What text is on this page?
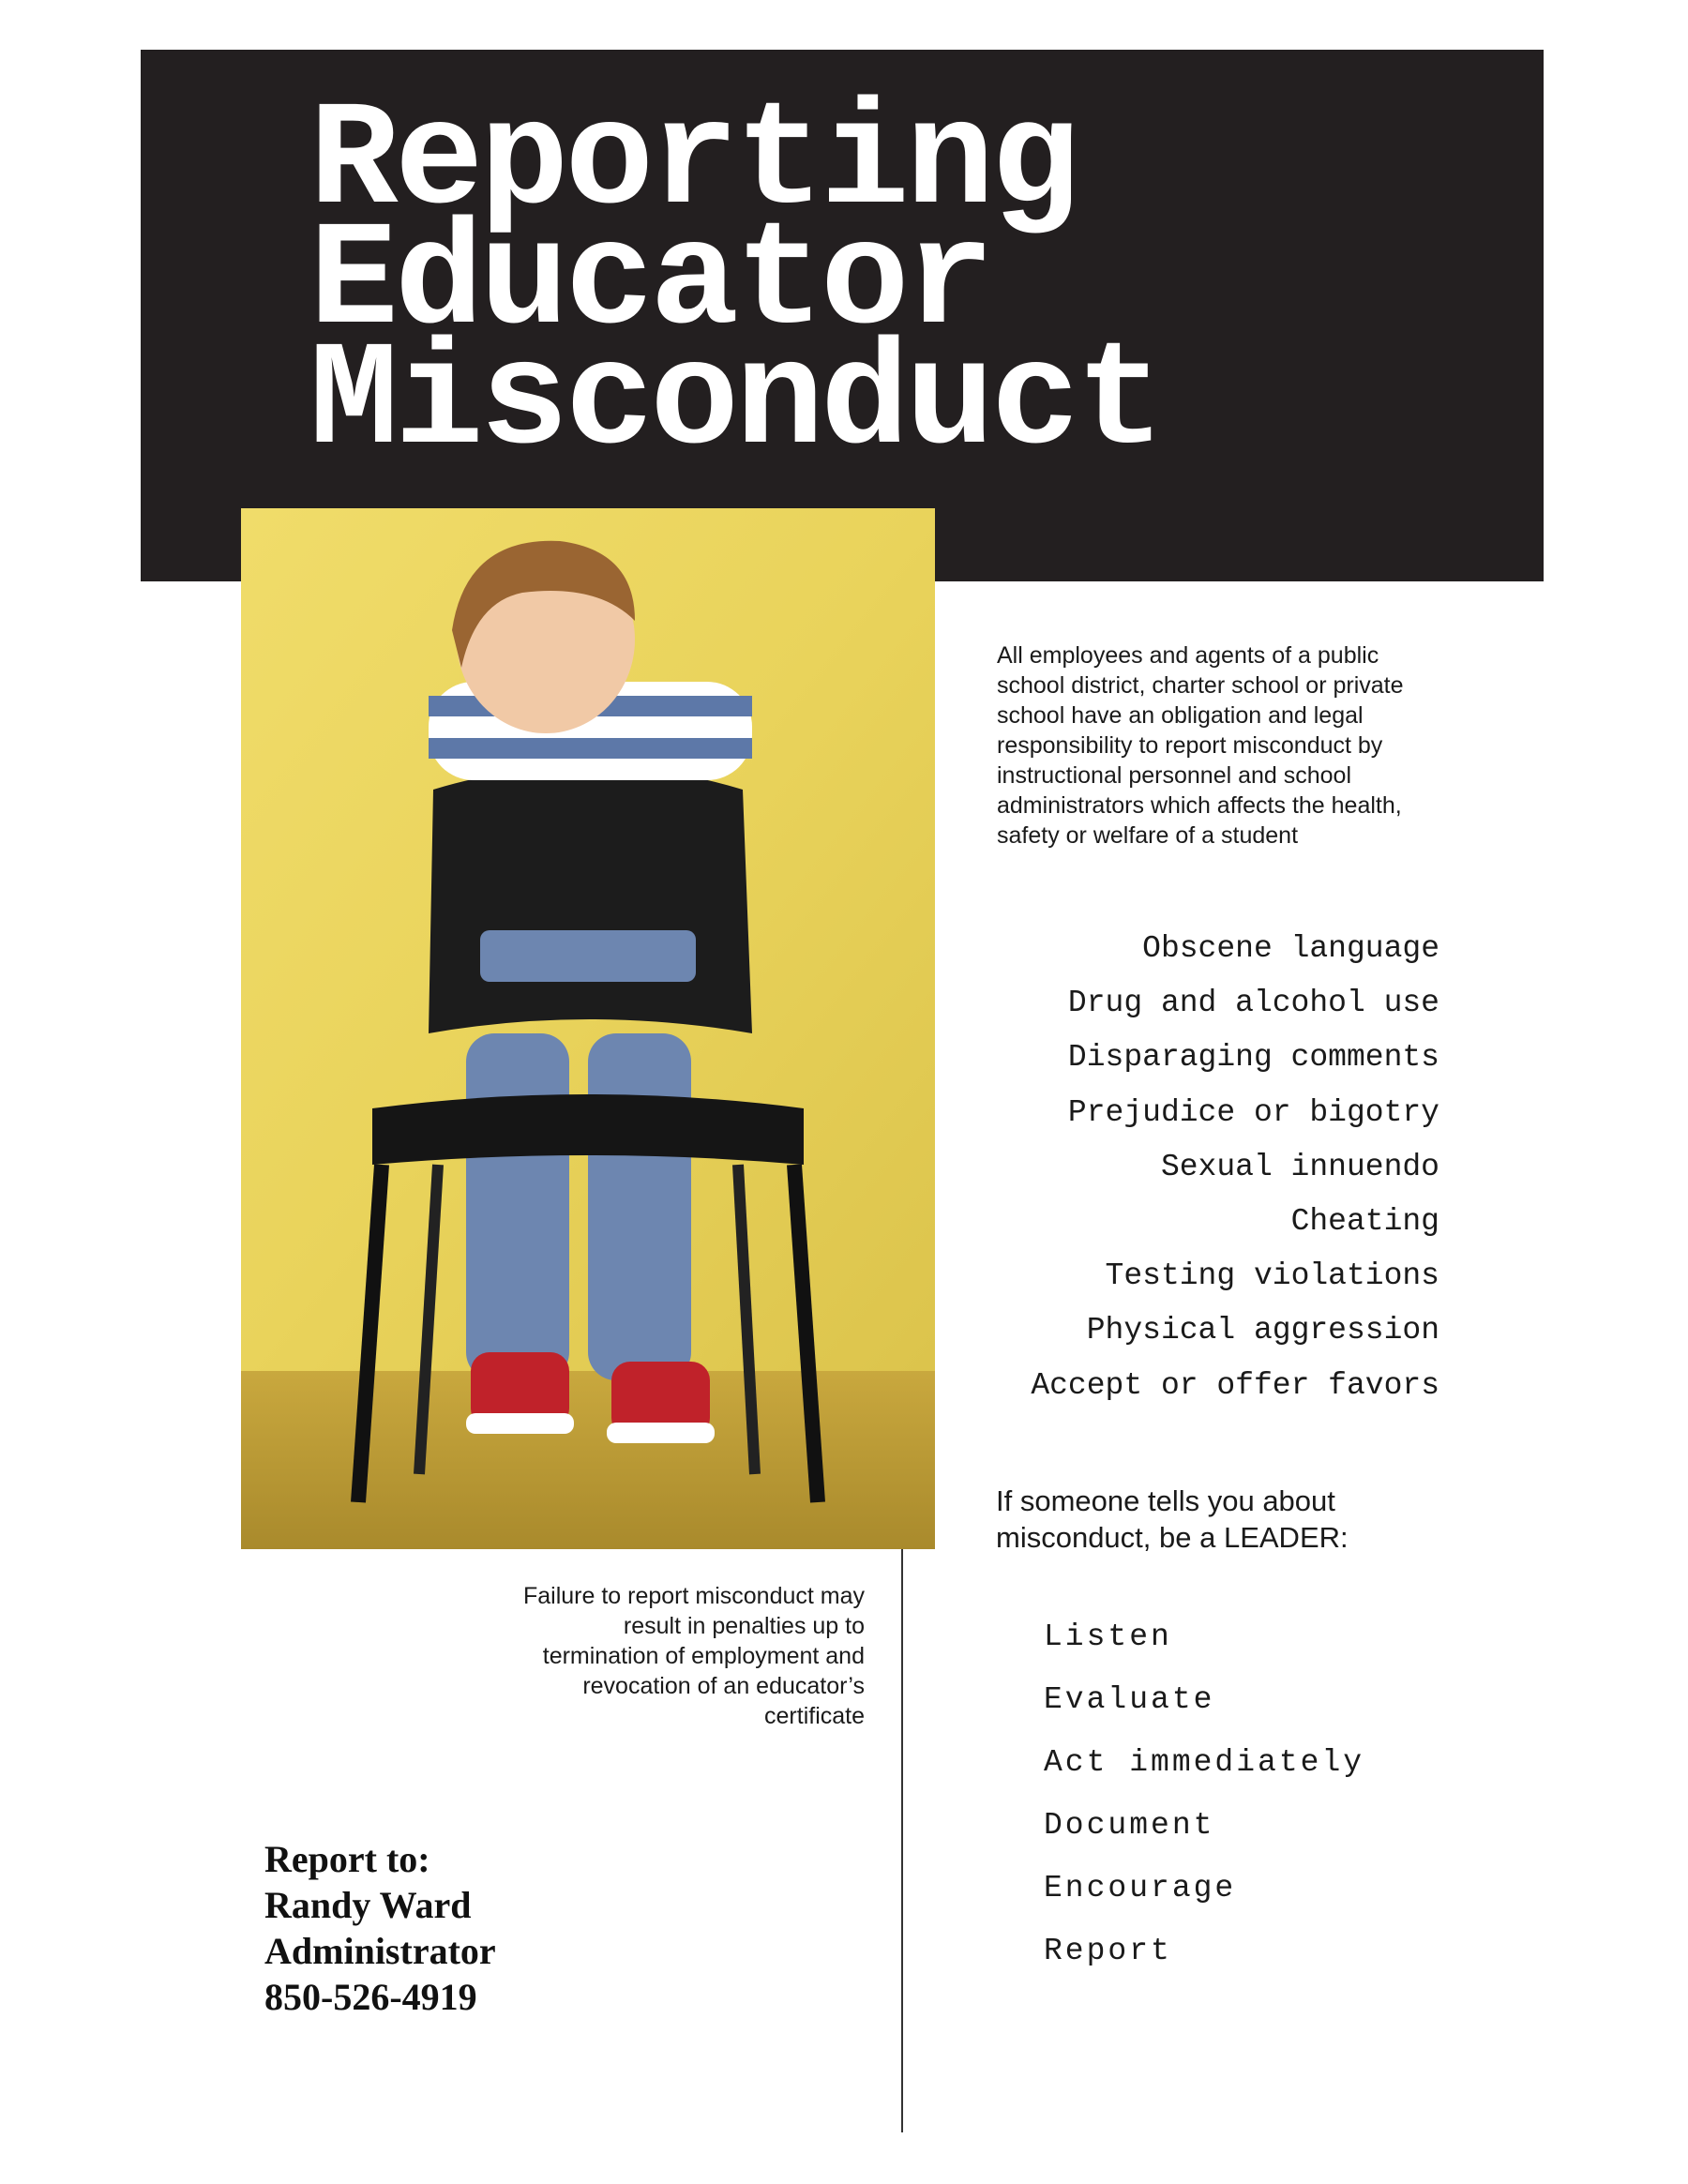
Reporting
Educator
Misconduct
All employees and agents of a public school district, charter school or private school have an obligation and legal responsibility to report misconduct by instructional personnel and school administrators which affects the health, safety or welfare of a student
Obscene language
Drug and alcohol use
Disparaging comments
Prejudice or bigotry
Sexual innuendo
Cheating
Testing violations
Physical aggression
Accept or offer favors
If someone tells you about misconduct, be a LEADER:
Listen
Evaluate
Act immediately
Document
Encourage
Report
Failure to report misconduct may result in penalties up to termination of employment and revocation of an educator’s certificate
Report to:
Randy Ward
Administrator
850-526-4919
